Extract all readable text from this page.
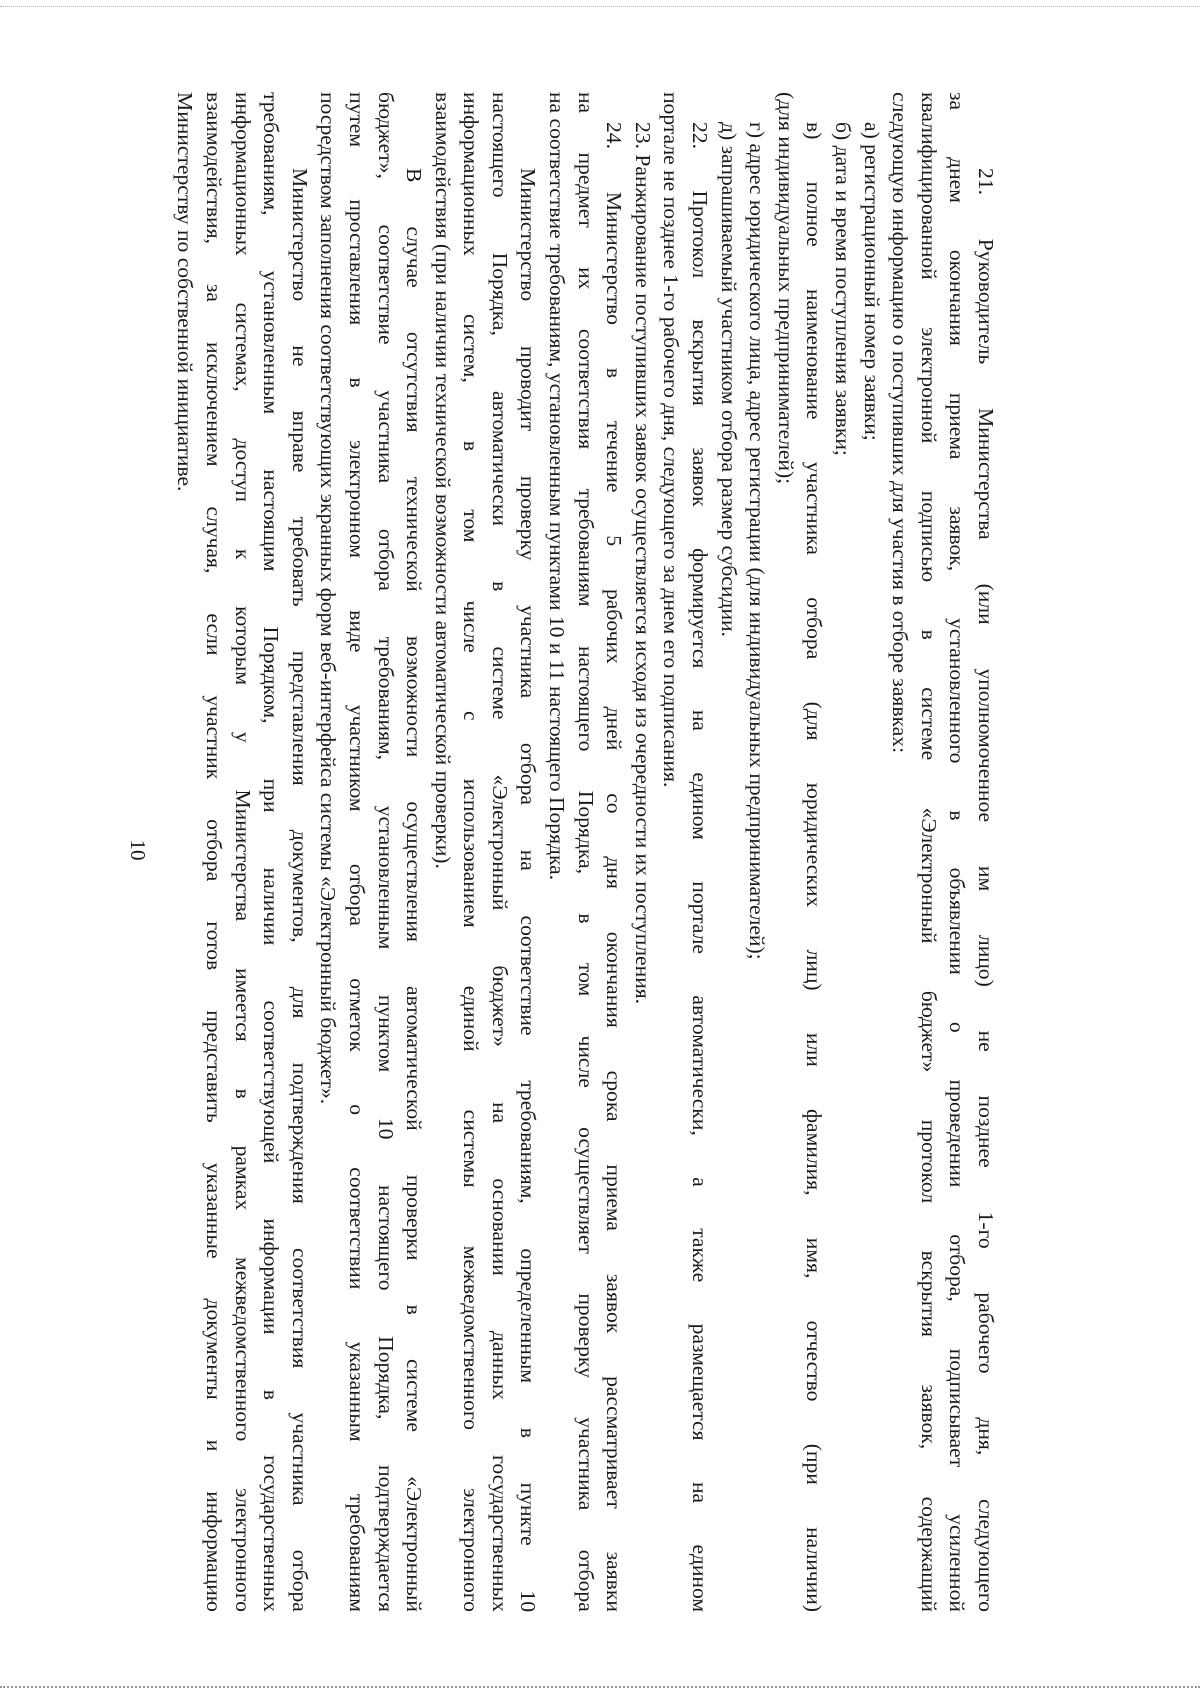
10
21.
Руководитель
Министерства
(или
уполномоченное
им
лицо)
не
позднее
1-го
рабочего
дня,
следующего
за
днем
окончания
приема
заявок,
установленного
в
объявлении
о
проведении
отбора,
подписывает
усиленной
квалифицированной
электронной
подписью
в
системе
«Электронный
бюджет»
протокол
вскрытия
заявок,
содержащий
следующую информацию о поступивших для участия в отборе заявках:
а) регистрационный номер заявки;
б) дата и время поступления заявки;
в)
полное
наименование
участника
отбора
(для
юридических
лиц)
или
фамилия,
имя,
отчество
(при
наличии)
(для индивидуальных предпринимателей);
г) адрес юридического лица, адрес регистрации (для индивидуальных предпринимателей);
д) запрашиваемый участником отбора размер субсидии.
22.
Протокол
вскрытия
заявок
формируется
на
едином
портале
автоматически,
а
также
размещается
на
едином
портале не позднее 1-го рабочего дня, следующего за днем его подписания.
23. Ранжирование поступивших заявок осуществляется исходя из очередности их поступления.
24.
Министерство
в
течение
5
рабочих
дней
со
дня
окончания
срока
приема
заявок
рассматривает
заявки
на
предмет
их
соответствия
требованиям
настоящего
Порядка,
в
том
числе
осуществляет
проверку
участника
отбора
на соответствие требованиям, установленным пунктами 10 и 11 настоящего Порядка.
Министерство
проводит
проверку
участника
отбора
на
соответствие
требованиям,
определенным
в
пункте
10
настоящего
Порядка,
автоматически
в
системе
«Электронный
бюджет»
на
основании
данных
государственных
информационных
систем,
в
том
числе
с
использованием
единой
системы
межведомственного
электронного
взаимодействия (при наличии технической возможности автоматической проверки).
В
случае
отсутствия
технической
возможности
осуществления
автоматической
проверки
в
системе
«Электронный
бюджет»,
соответствие
участника
отбора
требованиям,
установленным
пунктом
10
настоящего
Порядка,
подтверждается
путем
проставления
в
электронном
виде
участником
отбора
отметок
о
соответствии
указанным
требованиям
посредством заполнения соответствующих экранных форм веб-интерфейса системы «Электронный бюджет».
Министерство
не
вправе
требовать
представления
документов,
для
подтверждения
соответствия
участника
отбора
требованиям,
установленным
настоящим
Порядком,
при
наличии
соответствующей
информации
в
государственных
информационных
системах,
доступ
к
которым
у
Министерства
имеется
в
рамках
межведомственного
электронного
взаимодействия,
за
исключением
случая,
если
участник
отбора
готов
представить
указанные
документы
и
информацию
Министерству по собственной инициативе.
